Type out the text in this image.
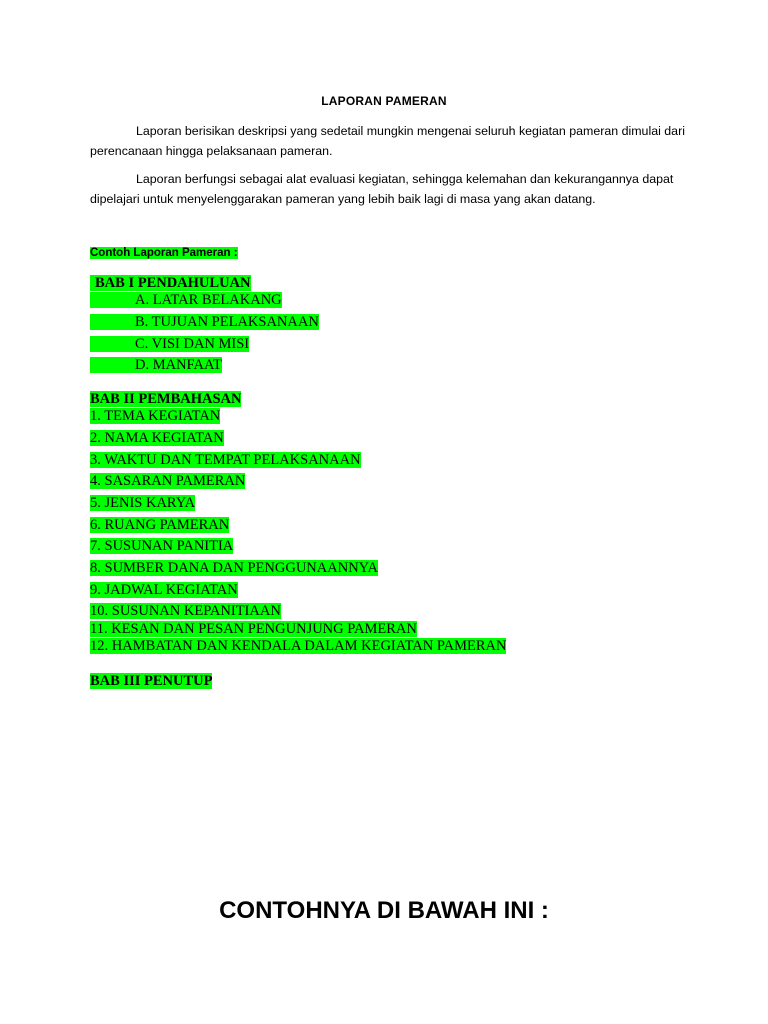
LAPORAN PAMERAN
Laporan berisikan deskripsi yang sedetail mungkin mengenai seluruh kegiatan pameran dimulai dari perencanaan hingga pelaksanaan pameran.
Laporan berfungsi sebagai alat evaluasi kegiatan, sehingga kelemahan dan kekurangannya dapat dipelajari untuk menyelenggarakan pameran yang lebih baik lagi di masa yang akan datang.
Contoh Laporan Pameran :
BAB I PENDAHULUAN
A. LATAR BELAKANG
B. TUJUAN PELAKSANAAN
C. VISI DAN MISI
D. MANFAAT
BAB II PEMBAHASAN
1. TEMA KEGIATAN
2. NAMA KEGIATAN
3. WAKTU DAN TEMPAT PELAKSANAAN
4. SASARAN PAMERAN
5. JENIS KARYA
6. RUANG PAMERAN
7. SUSUNAN PANITIA
8. SUMBER DANA DAN PENGGUNAANNYA
9. JADWAL KEGIATAN
10. SUSUNAN KEPANITIAAN
11. KESAN DAN PESAN PENGUNJUNG PAMERAN
12. HAMBATAN DAN KENDALA DALAM KEGIATAN PAMERAN
BAB III PENUTUP
CONTOHNYA DI BAWAH INI :
